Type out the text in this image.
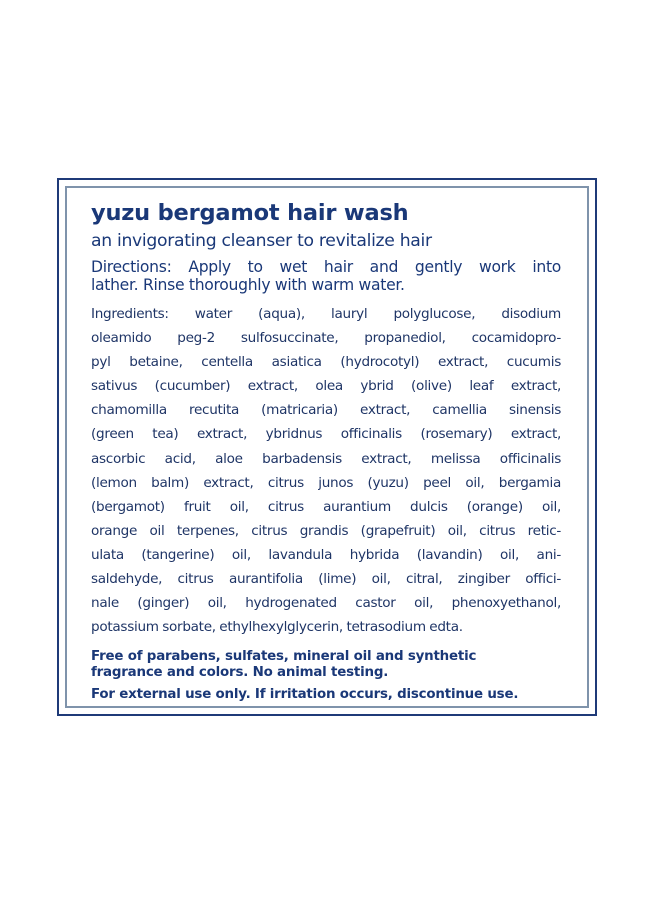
yuzu bergamot hair wash

an invigorating cleanser to revitalize hair

Directions: Apply to wet hair and gently work into
lather. Rinse thoroughly with warm water.

Ingredients: water (aqua), lauryl polyglucose, disodium
oleamido peg-2 sulfosuccinate, propanediol, cocamidopro-
pyl betaine, centella asiatica (hydrocotyl) extract, cucumis
sativus (cucumber) extract, olea ybrid (olive) leaf extract,
chamomilla recutita (matricaria) extract, camellia sinensis
(green tea) extract, ybridnus officinalis (rosemary) extract,
ascorbic acid, aloe barbadensis extract, melissa officinalis
(lemon balm) extract, citrus junos (yuzu) peel oil, bergamia
(bergamot) fruit oil, citrus aurantium dulcis (orange) oil,
orange oil terpenes, citrus grandis (grapefruit) oil, citrus retic-
ulata (tangerine) oil, lavandula hybrida (lavandin) oil, ani-
saldehyde, citrus aurantifolia (lime) oil, citral, zingiber offici-
nale (ginger) oil, hydrogenated castor oil, phenoxyethanol,
potassium sorbate, ethylhexylglycerin, tetrasodium edta.

Free of parabens, sulfates, mineral oil and synthetic
fragrance and colors. No animal testing.

For external use only. If irritation occurs, discontinue use.
